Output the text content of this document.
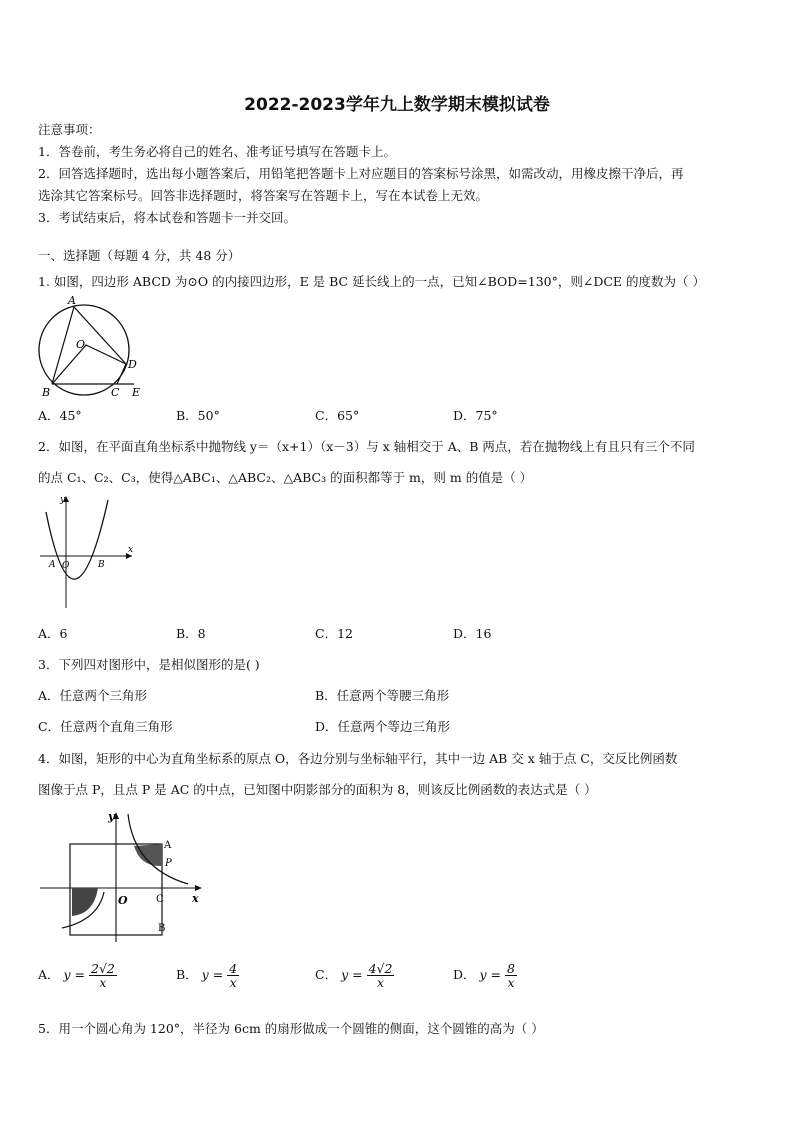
2022-2023学年九上数学期末模拟试卷
注意事项：
1．答卷前，考生务必将自己的姓名、准考证号填写在答题卡上。
2．回答选择题时，选出每小题答案后，用铅笔把答题卡上对应题目的答案标号涂黑，如需改动，用橡皮擦干净后，再
选涂其它答案标号。回答非选择题时，将答案写在答题卡上，写在本试卷上无效。
3．考试结束后，将本试卷和答题卡一并交回。
一、选择题（每题 4 分，共 48 分）
1. 如图，四边形 ABCD 为⊙O 的内接四边形，E 是 BC 延长线上的一点，已知∠BOD=130°，则∠DCE 的度数为（ ）
A
O
D
B	C E
A．45°	B．50°	C．65°	D．75°
2．如图，在平面直角坐标系中抛物线 y＝（x+1）（x－3）与 x 轴相交于 A、B 两点，若在抛物线上有且只有三个不同
的点 C₁、C₂、C₃，使得△ABC₁、△ABC₂、△ABC₃ 的面积都等于 m，则 m 的值是（ ）
y
x
A O	B
A．6	B．8	C．12	D．16
3．下列四对图形中，是相似图形的是( )
A．任意两个三角形	B．任意两个等腰三角形
C．任意两个直角三角形	D．任意两个等边三角形
4．如图，矩形的中心为直角坐标系的原点 O，各边分别与坐标轴平行，其中一边 AB 交 x 轴于点 C，交反比例函数
图像于点 P，且点 P 是 AC 的中点，已知图中阴影部分的面积为 8，则该反比例函数的表达式是（ ）
y
A
P
O	C	x
B
A． $y = \frac{2√2}{x}$	B． $y = \frac{4}{x}$	C． $y = \frac{4√2}{x}$	D． $y = \frac{8}{x}$
5．用一个圆心角为 120°，半径为 6cm 的扇形做成一个圆锥的侧面，这个圆锥的高为（ ）
